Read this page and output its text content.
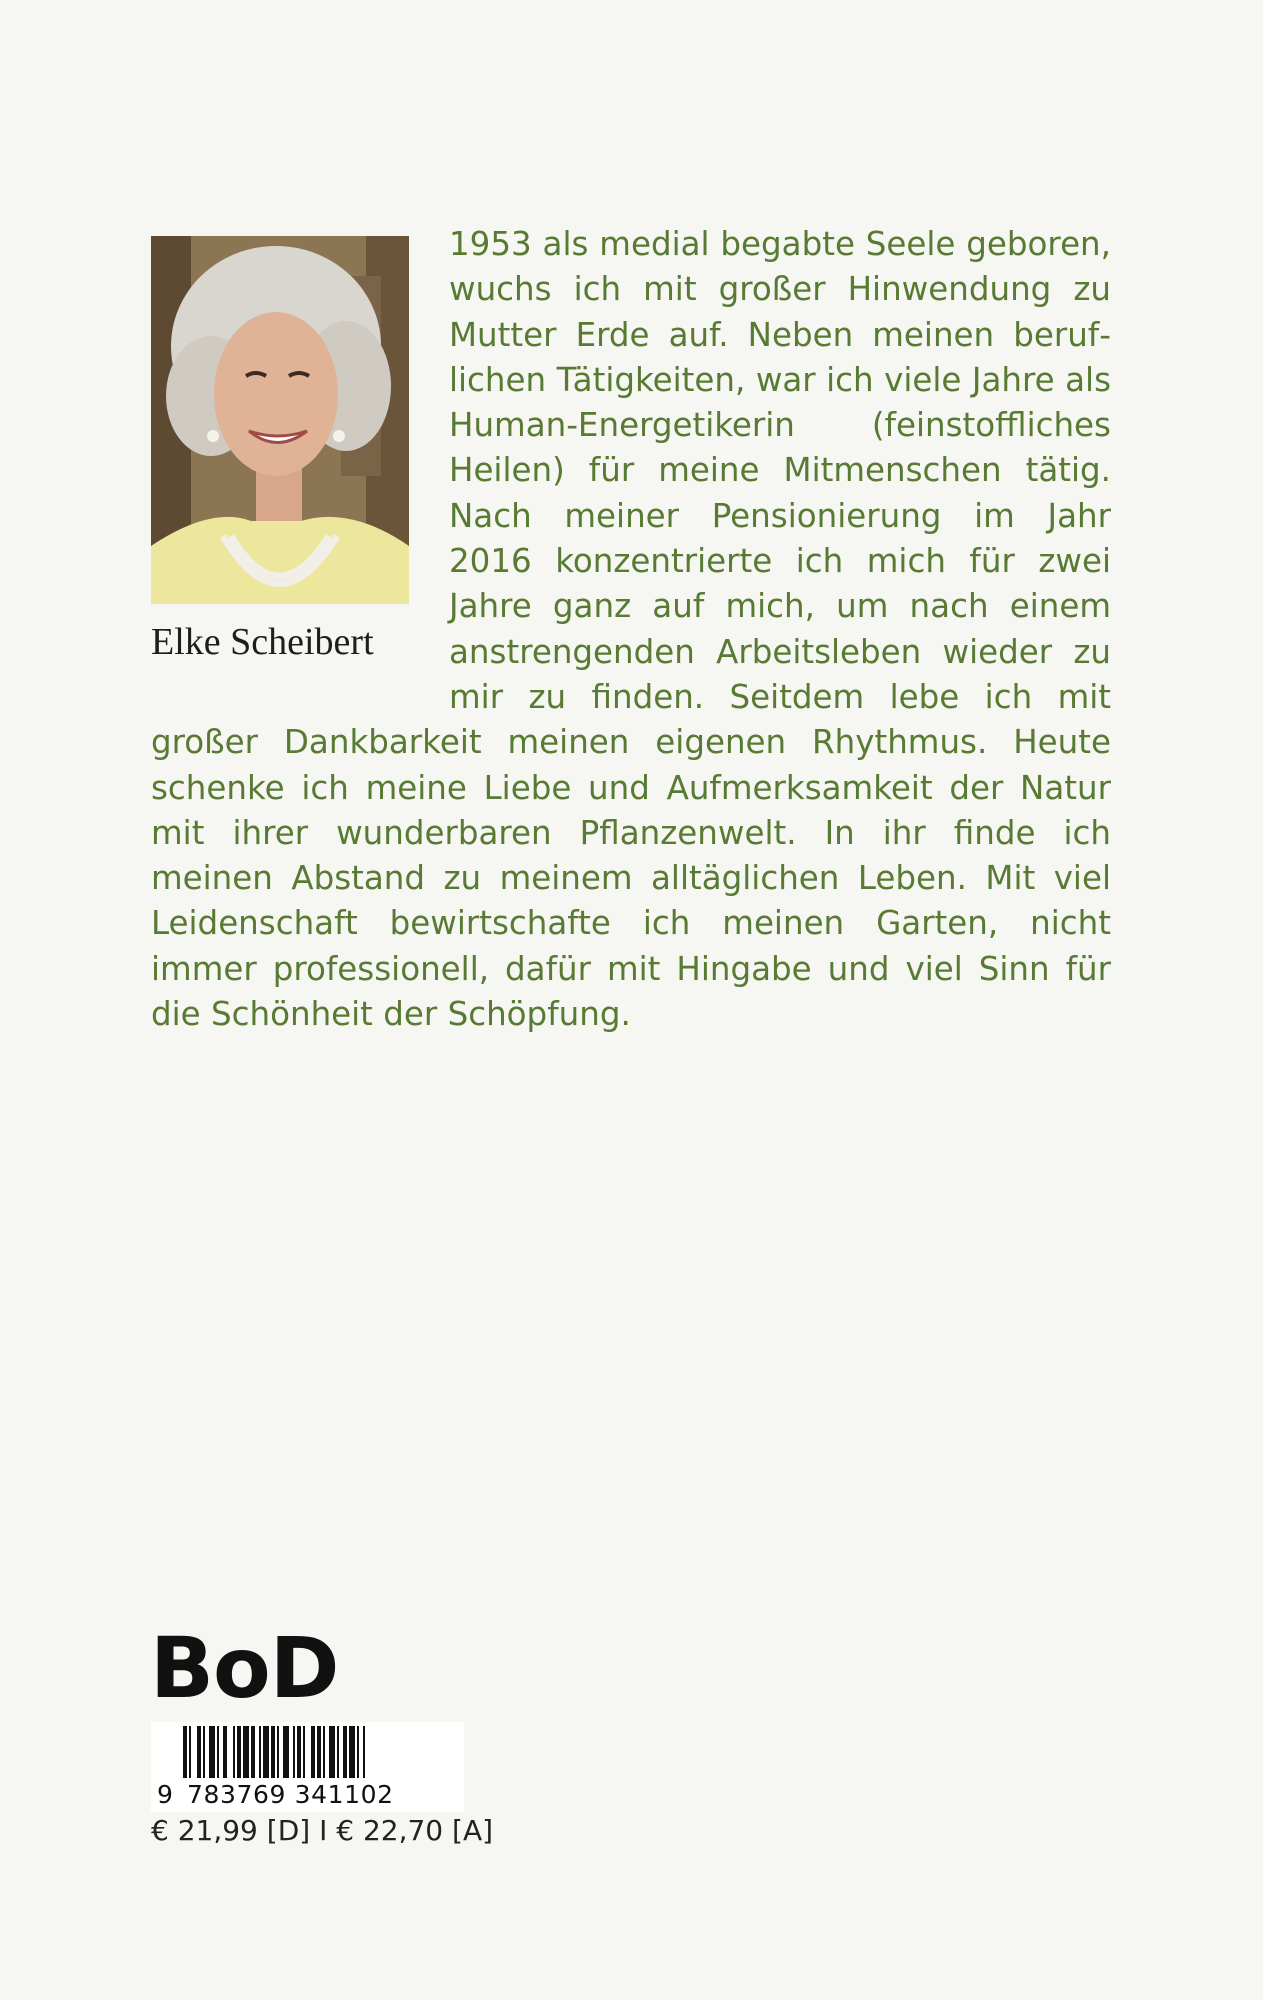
Elke Scheibert
1953 als medial begabte Seele geboren, wuchs ich mit großer Hinwendung zu Mutter Erde auf. Neben meinen beruflichen Tätigkeiten, war ich viele Jahre als Human-Energetikerin (feinstoffliches Heilen) für meine Mitmenschen tätig. Nach meiner Pensionierung im Jahr 2016 konzentrierte ich mich für zwei Jahre ganz auf mich, um nach einem anstrengenden Arbeitsleben wieder zu mir zu finden. Seitdem lebe ich mit großer Dankbarkeit meinen eigenen Rhythmus. Heute schenke ich meine Liebe und Aufmerksamkeit der Natur mit ihrer wunderbaren Pflanzenwelt. In ihr finde ich meinen Abstand zu meinem alltäglichen Leben. Mit viel Leidenschaft bewirtschafte ich meinen Garten, nicht immer professionell, dafür mit Hingabe und viel Sinn für die Schönheit der Schöpfung.
BoD
9 783769 341102
€ 21,99 [D] I € 22,70 [A]
